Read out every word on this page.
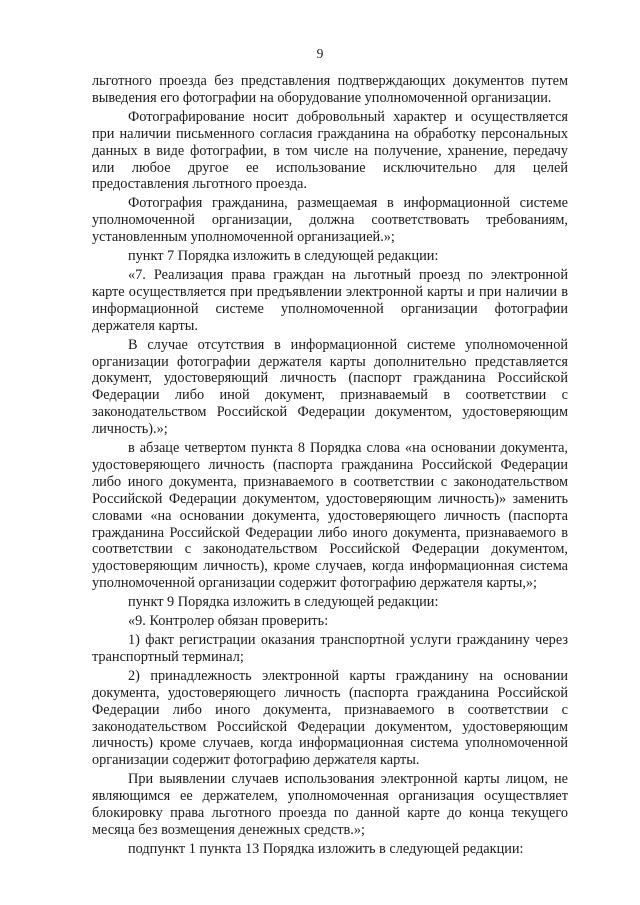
9

льготного проезда без представления подтверждающих документов путем выведения его фотографии на оборудование уполномоченной организации.

Фотографирование носит добровольный характер и осуществляется при наличии письменного согласия гражданина на обработку персональных данных в виде фотографии, в том числе на получение, хранение, передачу или любое другое ее использование исключительно для целей предоставления льготного проезда.

Фотография гражданина, размещаемая в информационной системе уполномоченной организации, должна соответствовать требованиям, установленным уполномоченной организацией.»;

пункт 7 Порядка изложить в следующей редакции:

«7. Реализация права граждан на льготный проезд по электронной карте осуществляется при предъявлении электронной карты и при наличии в информационной системе уполномоченной организации фотографии держателя карты.

В случае отсутствия в информационной системе уполномоченной организации фотографии держателя карты дополнительно представляется документ, удостоверяющий личность (паспорт гражданина Российской Федерации либо иной документ, признаваемый в соответствии с законодательством Российской Федерации документом, удостоверяющим личность).»;

в абзаце четвертом пункта 8 Порядка слова «на основании документа, удостоверяющего личность (паспорта гражданина Российской Федерации либо иного документа, признаваемого в соответствии с законодательством Российской Федерации документом, удостоверяющим личность)» заменить словами «на основании документа, удостоверяющего личность (паспорта гражданина Российской Федерации либо иного документа, признаваемого в соответствии с законодательством Российской Федерации документом, удостоверяющим личность), кроме случаев, когда информационная система уполномоченной организации содержит фотографию держателя карты,»;

пункт 9 Порядка изложить в следующей редакции:

«9. Контролер обязан проверить:

1) факт регистрации оказания транспортной услуги гражданину через транспортный терминал;

2) принадлежность электронной карты гражданину на основании документа, удостоверяющего личность (паспорта гражданина Российской Федерации либо иного документа, признаваемого в соответствии с законодательством Российской Федерации документом, удостоверяющим личность) кроме случаев, когда информационная система уполномоченной организации содержит фотографию держателя карты.

При выявлении случаев использования электронной карты лицом, не являющимся ее держателем, уполномоченная организация осуществляет блокировку права льготного проезда по данной карте до конца текущего месяца без возмещения денежных средств.»;

подпункт 1 пункта 13 Порядка изложить в следующей редакции:
